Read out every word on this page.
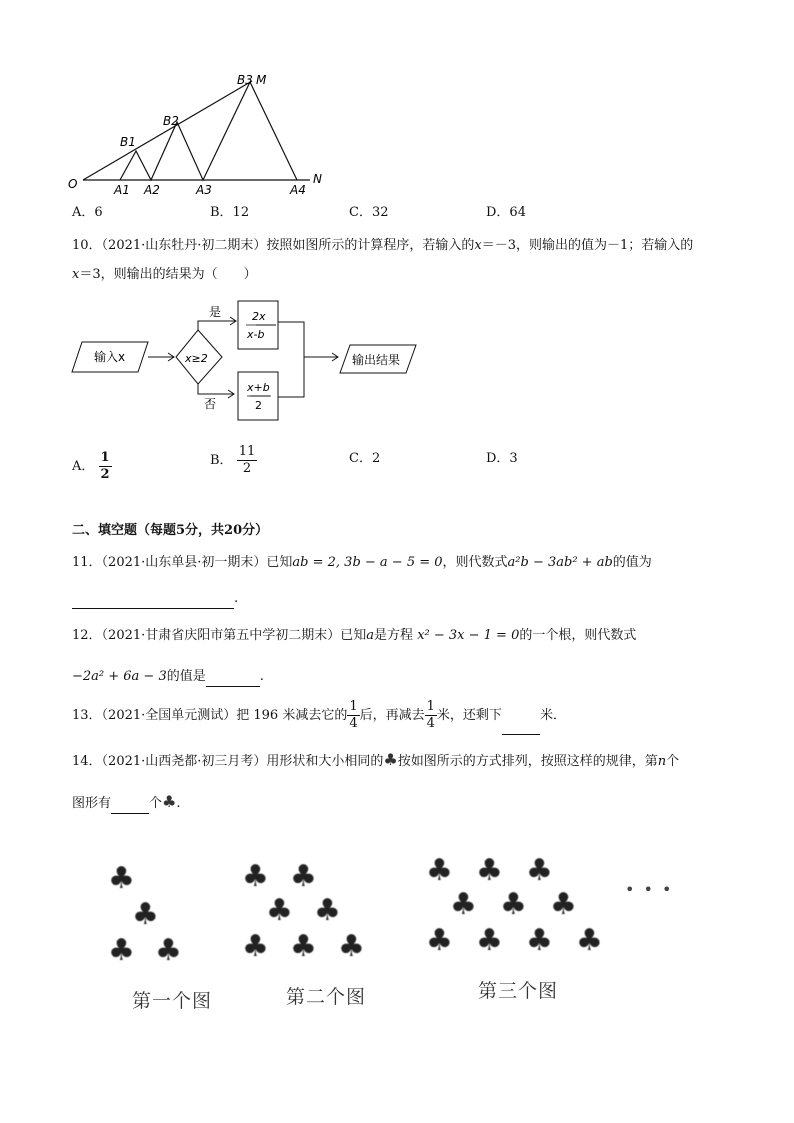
O	A1 A2	A3	A4
N
B1
B2
B3 M
A．6	B．12	C．32	D．64
10．（2021·山东牡丹·初二期末）按照如图所示的计算程序，若输入的x＝－3，则输出的值为－1；若输入的
x＝3，则输出的结果为（　　）
输入x	x≥2
是
否
2x
x-b
x+b
2
输出结果
A． $\frac{1}{2}$	B． $\frac{11}{2}$	C．2	D．3
二、填空题（每题5分，共20分）
11．（2021·山东单县·初一期末）已知ab = 2, 3b − a − 5 = 0，则代数式a²b − 3ab² + ab的值为
.
12．（2021·甘肃省庆阳市第五中学初二期末）已知a是方程 x² − 3x − 1 = 0的一个根，则代数式
−2a² + 6a − 3的值是	.
13．（2021·全国单元测试）把 196 米减去它的 $\frac{1}{4}$ 后，再减去 $\frac{1}{4}$ 米，还剩下	米．
14．（2021·山西尧都·初三月考）用形状和大小相同的♣按如图所示的方式排列，按照这样的规律，第n个
图形有	个♣.
♣
♣
♣ ♣
♣ ♣
♣ ♣
♣ ♣ ♣
♣ ♣ ♣
♣ ♣ ♣
♣ ♣ ♣ ♣
• • •
第一个图	第二个图	第三个图
